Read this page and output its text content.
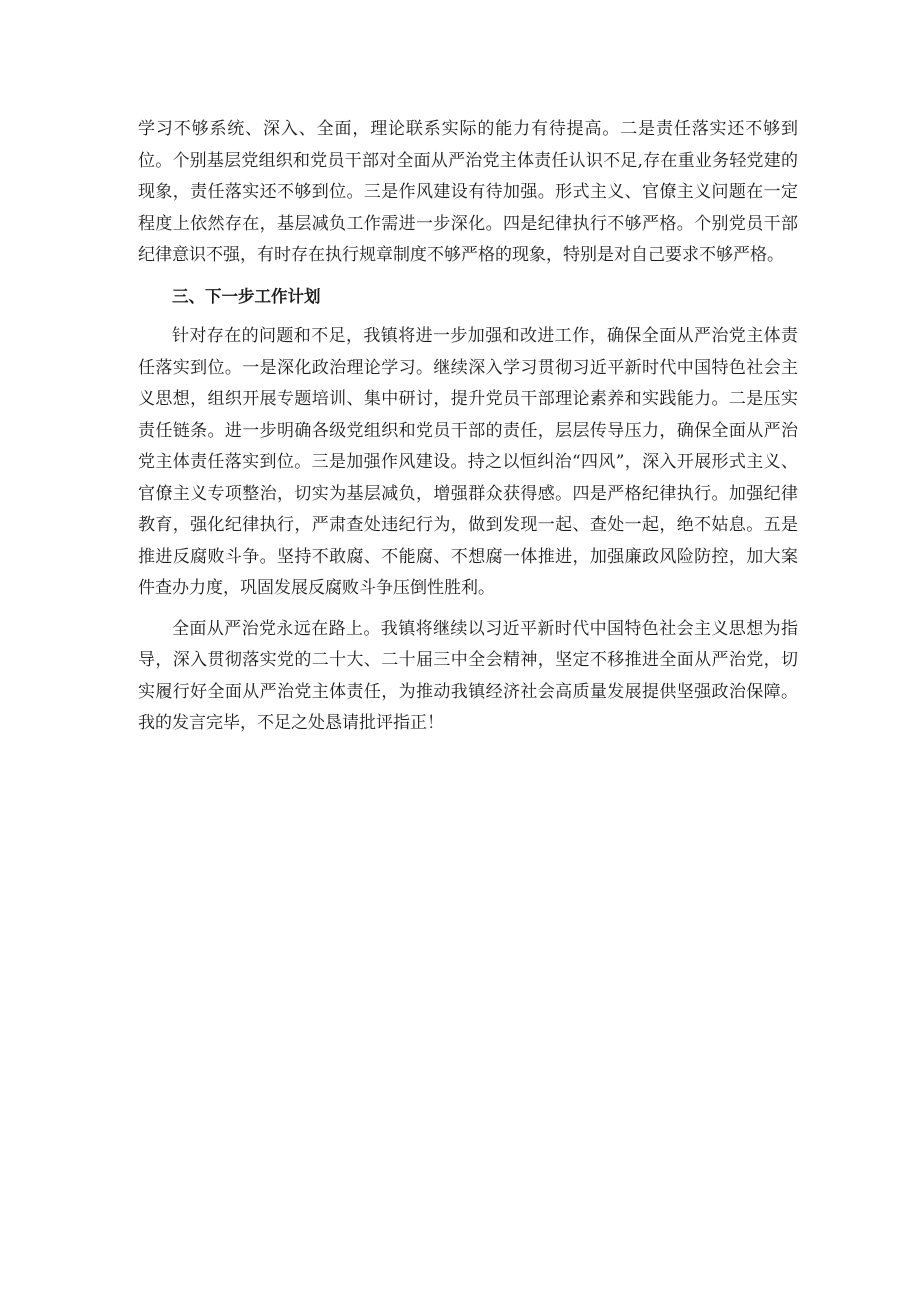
学习不够系统、深入、全面，理论联系实际的能力有待提高。二是责任落实还不够到位。个别基层党组织和党员干部对全面从严治党主体责任认识不足,存在重业务轻党建的现象，责任落实还不够到位。三是作风建设有待加强。形式主义、官僚主义问题在一定程度上依然存在，基层减负工作需进一步深化。四是纪律执行不够严格。个别党员干部纪律意识不强，有时存在执行规章制度不够严格的现象，特别是对自己要求不够严格。

三、下一步工作计划

针对存在的问题和不足，我镇将进一步加强和改进工作，确保全面从严治党主体责任落实到位。一是深化政治理论学习。继续深入学习贯彻习近平新时代中国特色社会主义思想，组织开展专题培训、集中研讨，提升党员干部理论素养和实践能力。二是压实责任链条。进一步明确各级党组织和党员干部的责任，层层传导压力，确保全面从严治党主体责任落实到位。三是加强作风建设。持之以恒纠治“四风”，深入开展形式主义、官僚主义专项整治，切实为基层减负，增强群众获得感。四是严格纪律执行。加强纪律教育，强化纪律执行，严肃查处违纪行为，做到发现一起、查处一起，绝不姑息。五是推进反腐败斗争。坚持不敢腐、不能腐、不想腐一体推进，加强廉政风险防控，加大案件查办力度，巩固发展反腐败斗争压倒性胜利。

全面从严治党永远在路上。我镇将继续以习近平新时代中国特色社会主义思想为指导，深入贯彻落实党的二十大、二十届三中全会精神，坚定不移推进全面从严治党，切实履行好全面从严治党主体责任，为推动我镇经济社会高质量发展提供坚强政治保障。我的发言完毕，不足之处恳请批评指正！
